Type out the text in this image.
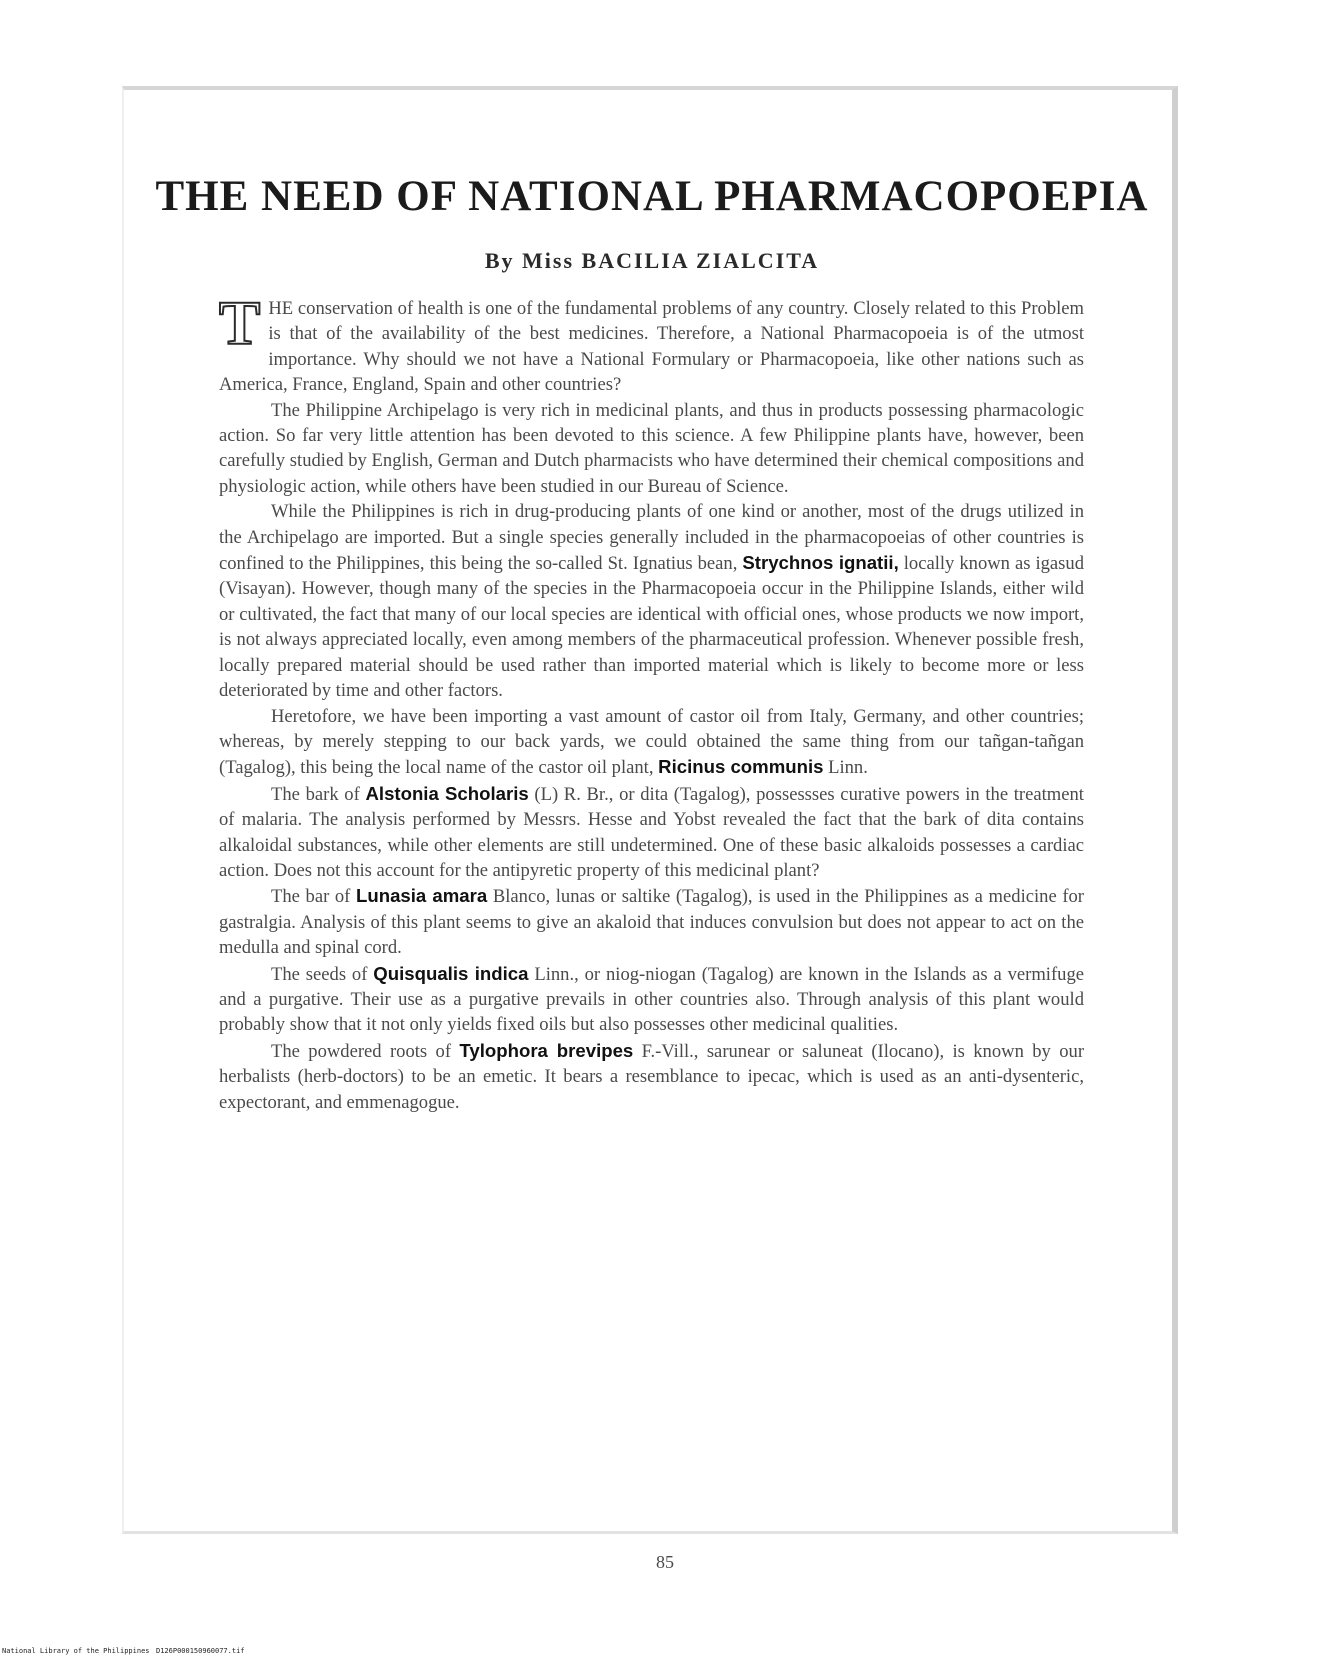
THE NEED OF NATIONAL PHARMACOPOEPIA
By Miss BACILIA ZIALCITA

THE conservation of health is one of the fundamental problems of any country. Closely related to this Problem is that of the availability of the best medicines. Therefore, a National Pharmacopoeia is of the utmost importance. Why should we not have a National Formulary or Pharmacopoeia, like other nations such as America, France, England, Spain and other countries?

The Philippine Archipelago is very rich in medicinal plants, and thus in products possessing pharmacologic action. So far very little attention has been devoted to this science. A few Philippine plants have, however, been carefully studied by English, German and Dutch pharmacists who have determined their chemical compositions and physiologic action, while others have been studied in our Bureau of Science.

While the Philippines is rich in drug-producing plants of one kind or another, most of the drugs utilized in the Archipelago are imported. But a single species generally included in the pharmacopoeias of other countries is confined to the Philippines, this being the so-called St. Ignatius bean, Strychnos ignatii, locally known as igasud (Visayan). However, though many of the species in the Pharmacopoeia occur in the Philippine Islands, either wild or cultivated, the fact that many of our local species are identical with official ones, whose products we now import, is not always appreciated locally, even among members of the pharmaceutical profession. Whenever possible fresh, locally prepared material should be used rather than imported material which is likely to become more or less deteriorated by time and other factors.

Heretofore, we have been importing a vast amount of castor oil from Italy, Germany, and other countries; whereas, by merely stepping to our back yards, we could obtained the same thing from our tañgan-tañgan (Tagalog), this being the local name of the castor oil plant, Ricinus communis Linn.

The bark of Alstonia Scholaris (L) R. Br., or dita (Tagalog), possessses curative powers in the treatment of malaria. The analysis performed by Messrs. Hesse and Yobst revealed the fact that the bark of dita contains alkaloidal substances, while other elements are still undetermined. One of these basic alkaloids possesses a cardiac action. Does not this account for the antipyretic property of this medicinal plant?

The bar of Lunasia amara Blanco, lunas or saltike (Tagalog), is used in the Philippines as a medicine for gastralgia. Analysis of this plant seems to give an akaloid that induces convulsion but does not appear to act on the medulla and spinal cord.

The seeds of Quisqualis indica Linn., or niog-niogan (Tagalog) are known in the Islands as a vermifuge and a purgative. Their use as a purgative prevails in other countries also. Through analysis of this plant would probably show that it not only yields fixed oils but also possesses other medicinal qualities.

The powdered roots of Tylophora brevipes F.-Vill., sarunear or saluneat (Ilocano), is known by our herbalists (herb-doctors) to be an emetic. It bears a resemblance to ipecac, which is used as an anti-dysenteric, expectorant, and emmenagogue.

85
National Library of the Philippines D126P000150960077.tif
